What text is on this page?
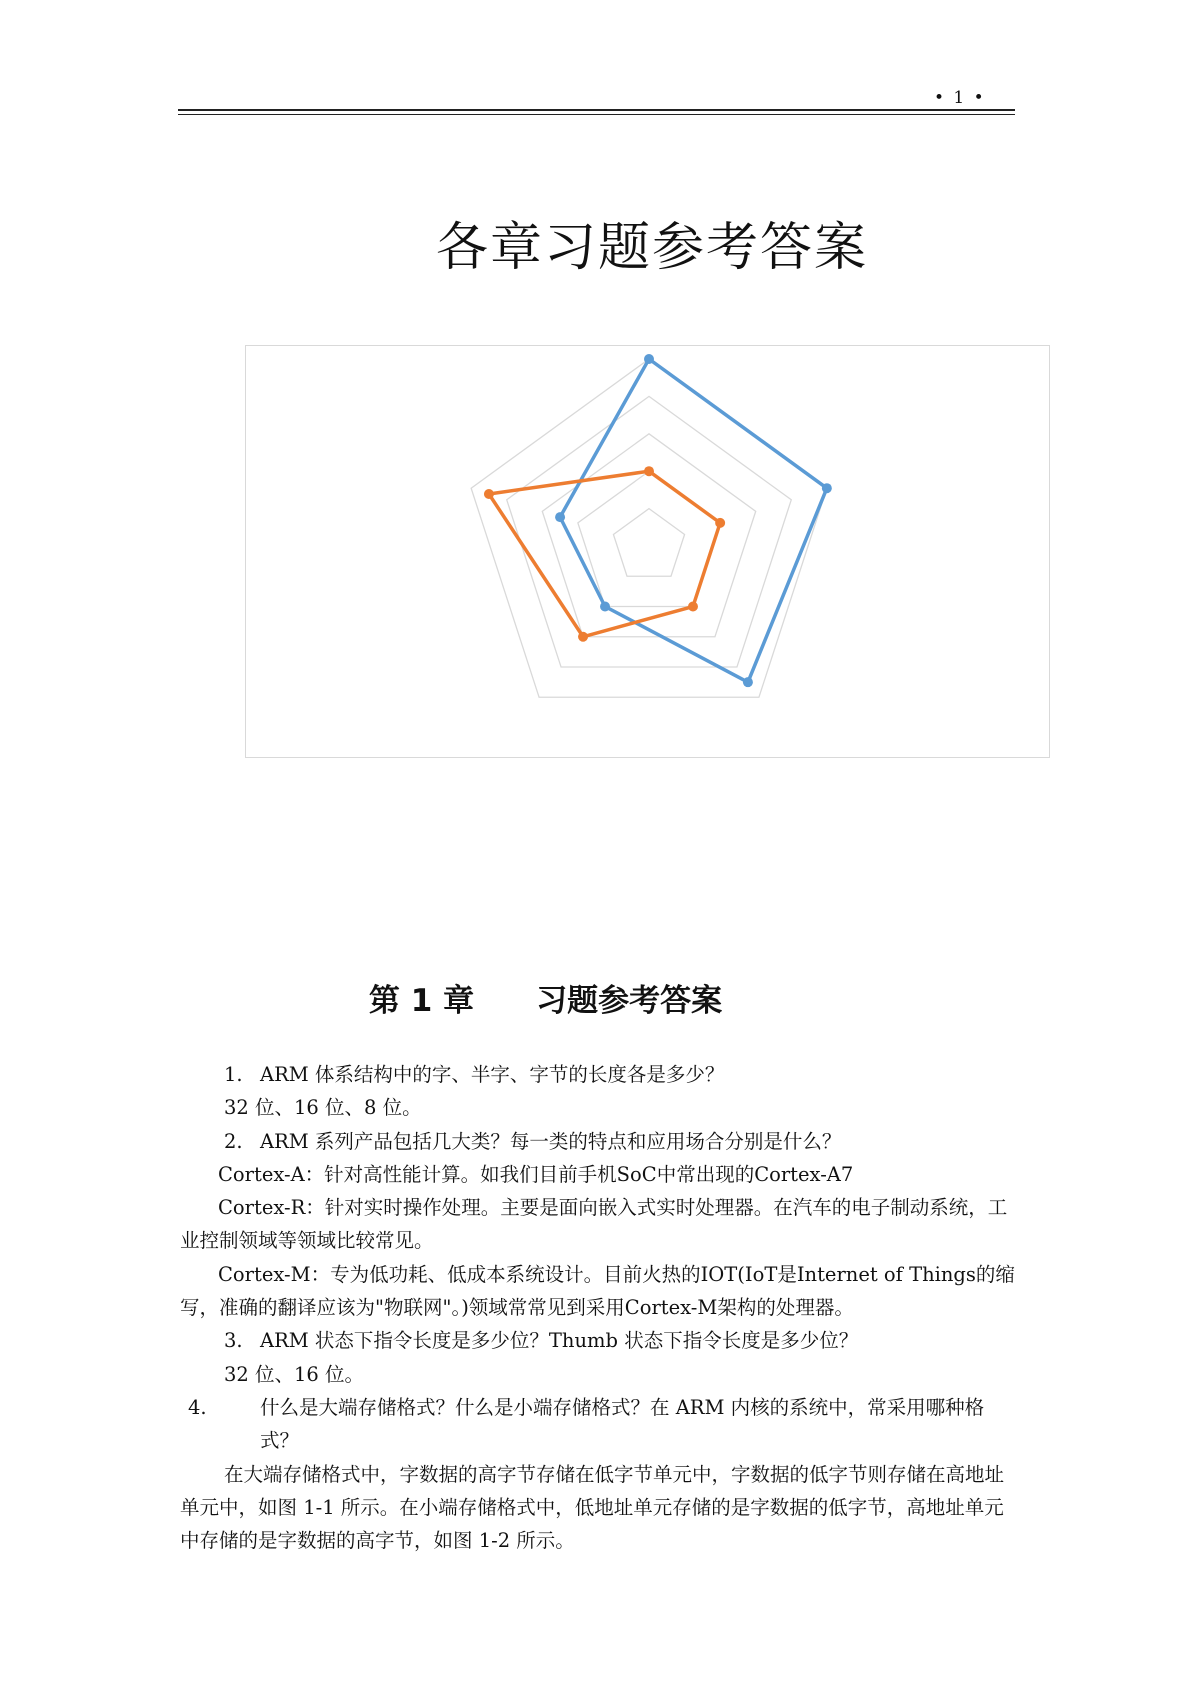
• 1 •
各章习题参考答案
第 1 章　　习题参考答案

1. ARM 体系结构中的字、半字、字节的长度各是多少？

32 位、16 位、8 位。

2. ARM 系列产品包括几大类？每一类的特点和应用场合分别是什么？

Cortex-A：针对高性能计算。如我们目前手机SoC中常出现的Cortex-A7

Cortex-R：针对实时操作处理。主要是面向嵌入式实时处理器。在汽车的电子制动系统，工业控制领域等领域比较常见。

Cortex-M：专为低功耗、低成本系统设计。目前火热的IOT(IoT是Internet of Things的缩写，准确的翻译应该为"物联网"。)领域常常见到采用Cortex-M架构的处理器。

3. ARM 状态下指令长度是多少位？Thumb 状态下指令长度是多少位？

32 位、16 位。

4.	什么是大端存储格式？什么是小端存储格式？在 ARM 内核的系统中，常采用哪种格式？

在大端存储格式中，字数据的高字节存储在低字节单元中，字数据的低字节则存储在高地址单元中，如图 1-1 所示。在小端存储格式中，低地址单元存储的是字数据的低字节，高地址单元中存储的是字数据的高字节，如图 1-2 所示。
